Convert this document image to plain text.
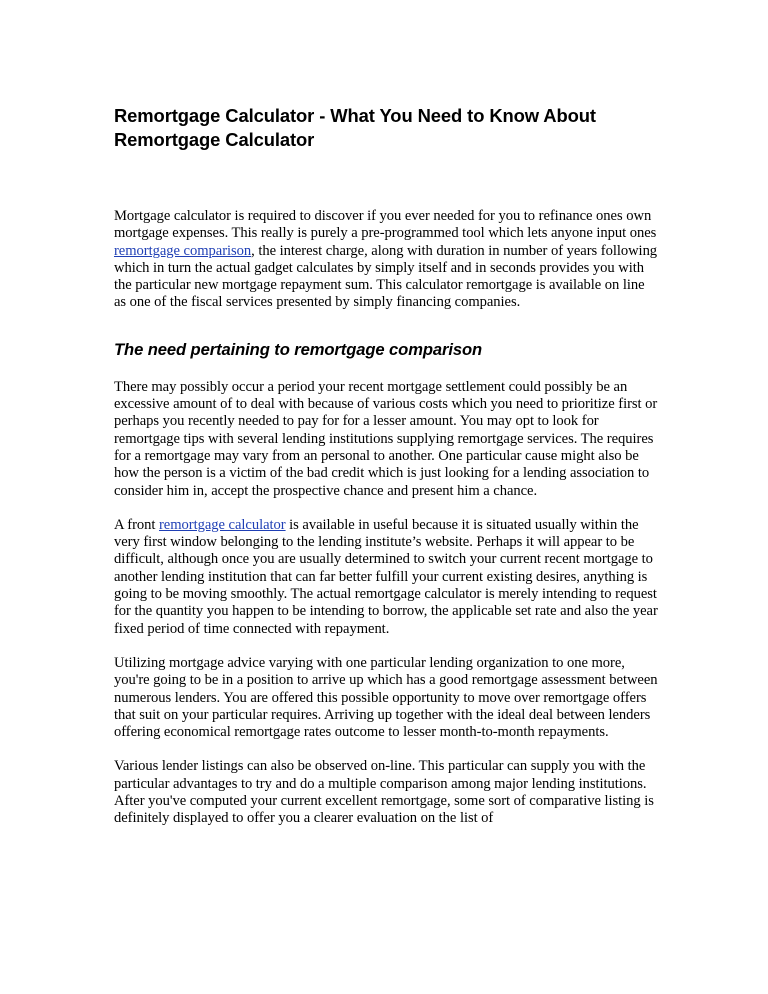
Remortgage Calculator - What You Need to Know About
Remortgage Calculator

Mortgage calculator is required to discover if you ever needed for you to refinance ones own mortgage expenses. This really is purely a pre-programmed tool which lets anyone input ones remortgage comparison, the interest charge, along with duration in number of years following which in turn the actual gadget calculates by simply itself and in seconds provides you with the particular new mortgage repayment sum. This calculator remortgage is available on line as one of the fiscal services presented by simply financing companies.

The need pertaining to remortgage comparison

There may possibly occur a period your recent mortgage settlement could possibly be an excessive amount of to deal with because of various costs which you need to prioritize first or perhaps you recently needed to pay for for a lesser amount. You may opt to look for remortgage tips with several lending institutions supplying remortgage services. The requires for a remortgage may vary from an personal to another. One particular cause might also be how the person is a victim of the bad credit which is just looking for a lending association to consider him in, accept the prospective chance and present him a chance.

A front remortgage calculator is available in useful because it is situated usually within the very first window belonging to the lending institute’s website. Perhaps it will appear to be difficult, although once you are usually determined to switch your current recent mortgage to another lending institution that can far better fulfill your current existing desires, anything is going to be moving smoothly. The actual remortgage calculator is merely intending to request for the quantity you happen to be intending to borrow, the applicable set rate and also the year fixed period of time connected with repayment.

Utilizing mortgage advice varying with one particular lending organization to one more, you're going to be in a position to arrive up which has a good remortgage assessment between numerous lenders. You are offered this possible opportunity to move over remortgage offers that suit on your particular requires. Arriving up together with the ideal deal between lenders offering economical remortgage rates outcome to lesser month-to-month repayments.

Various lender listings can also be observed on-line. This particular can supply you with the particular advantages to try and do a multiple comparison among major lending institutions. After you've computed your current excellent remortgage, some sort of comparative listing is definitely displayed to offer you a clearer evaluation on the list of
